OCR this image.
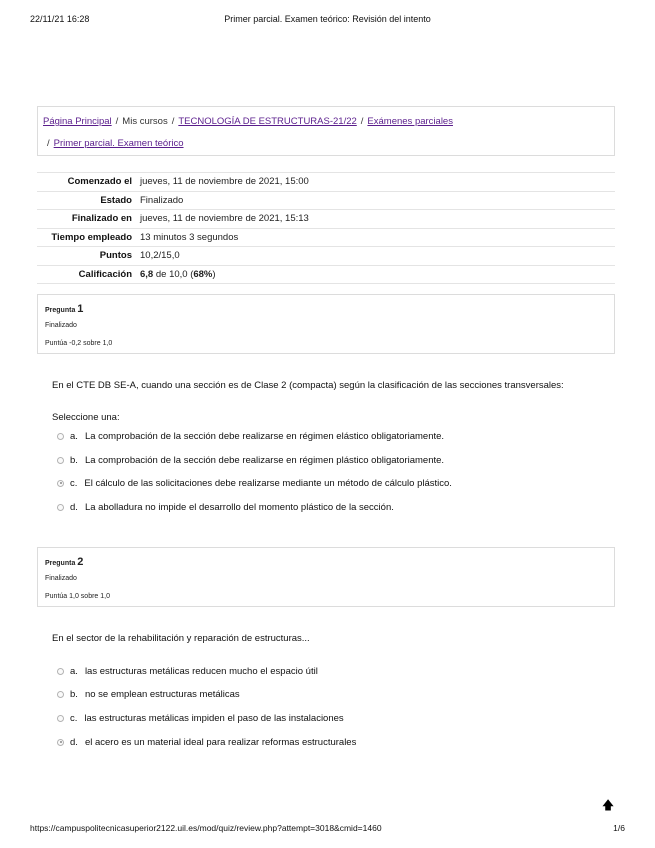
22/11/21 16:28	Primer parcial. Examen teórico: Revisión del intento
Página Principal / Mis cursos / TECNOLOGÍA DE ESTRUCTURAS-21/22 / Exámenes parciales
/ Primer parcial. Examen teórico
Comenzado el	jueves, 11 de noviembre de 2021, 15:00
Estado	Finalizado
Finalizado en	jueves, 11 de noviembre de 2021, 15:13
Tiempo empleado	13 minutos 3 segundos
Puntos	10,2/15,0
Calificación	6,8 de 10,0 (68%)
Pregunta 1
Finalizado
Puntúa -0,2 sobre 1,0
En el CTE DB SE-A, cuando una sección es de Clase 2 (compacta) según la clasificación de las secciones transversales:
Seleccione una:
a. La comprobación de la sección debe realizarse en régimen elástico obligatoriamente.
b. La comprobación de la sección debe realizarse en régimen plástico obligatoriamente.
c. El cálculo de las solicitaciones debe realizarse mediante un método de cálculo plástico.
d. La abolladura no impide el desarrollo del momento plástico de la sección.
Pregunta 2
Finalizado
Puntúa 1,0 sobre 1,0
En el sector de la rehabilitación y reparación de estructuras...
a. las estructuras metálicas reducen mucho el espacio útil
b. no se emplean estructuras metálicas
c. las estructuras metálicas impiden el paso de las instalaciones
d. el acero es un material ideal para realizar reformas estructurales
🡅
https://campuspolitecnicasuperior2122.uil.es/mod/quiz/review.php?attempt=3018&cmid=1460	1/6
